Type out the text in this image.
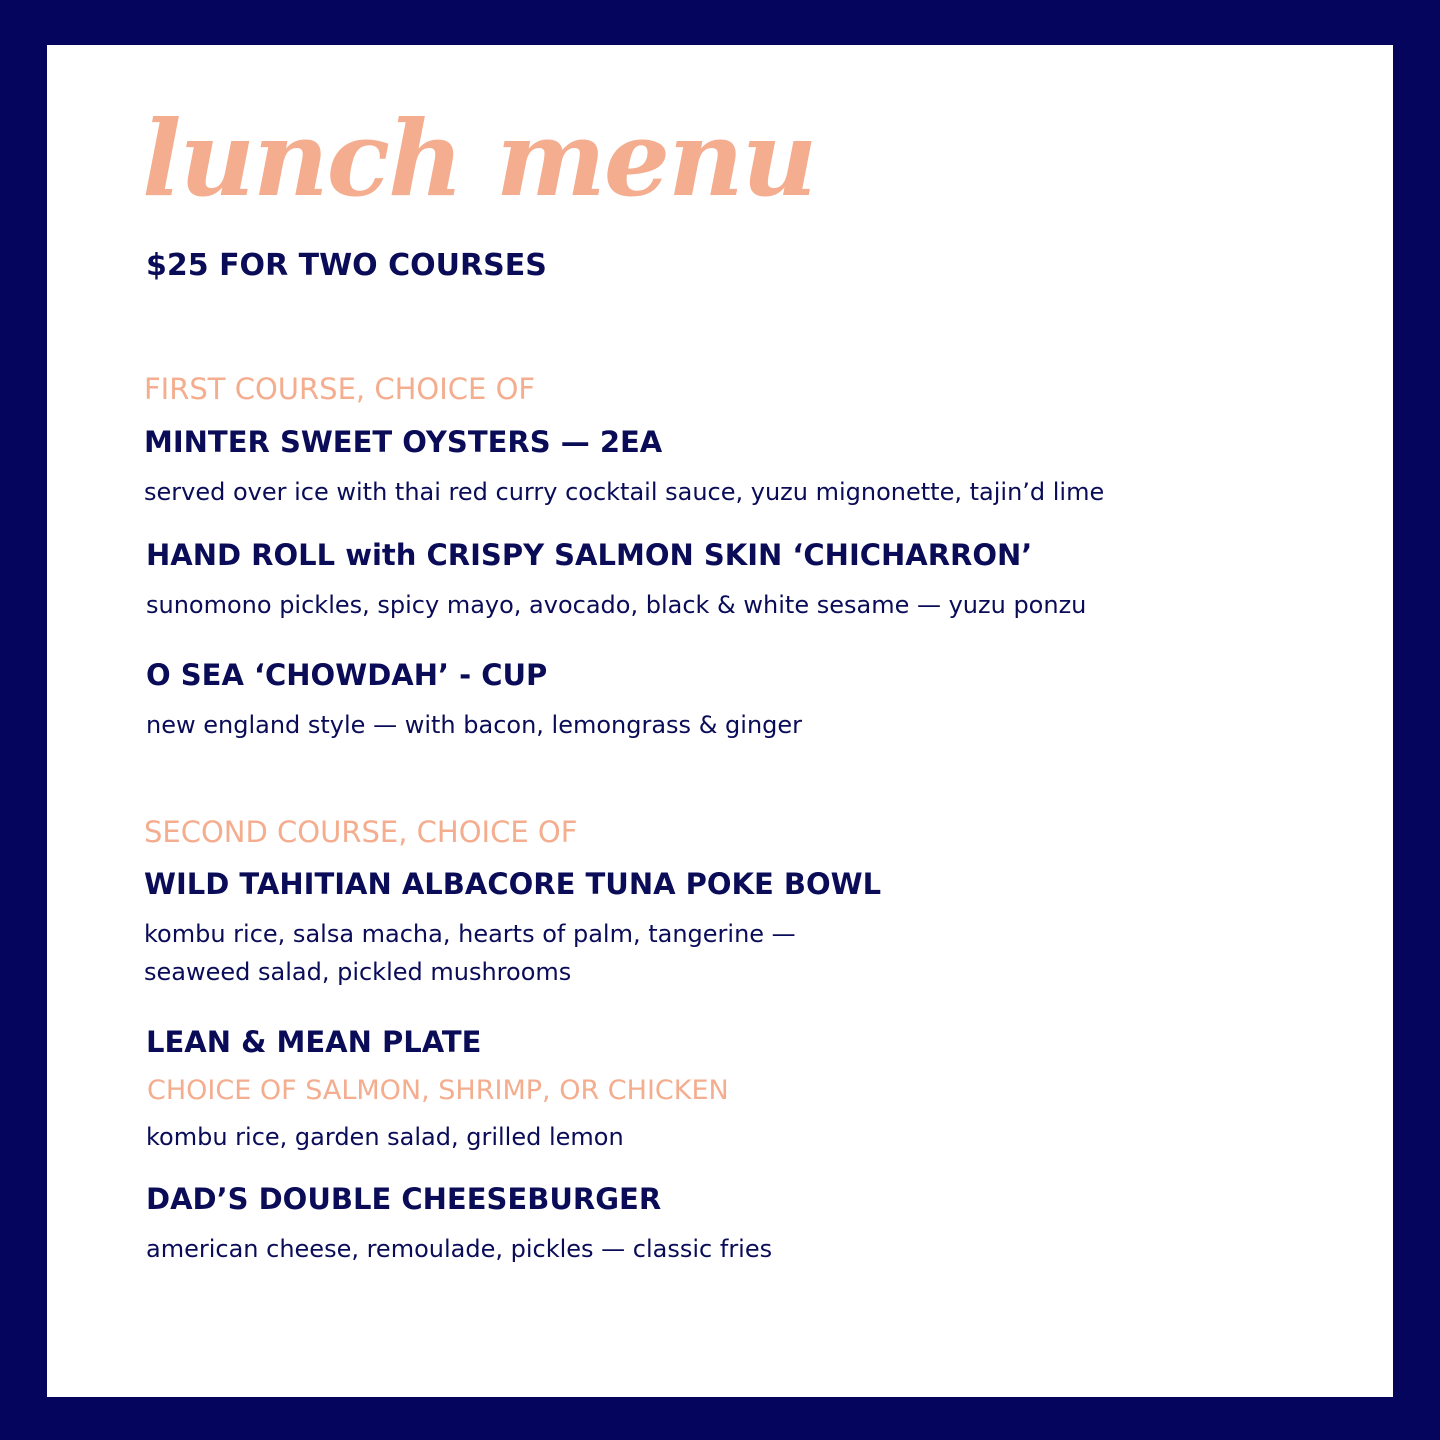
lunch menu
$25 FOR TWO COURSES
FIRST COURSE, CHOICE OF
MINTER SWEET OYSTERS — 2EA
served over ice with thai red curry cocktail sauce, yuzu mignonette, tajin’d lime
HAND ROLL with CRISPY SALMON SKIN ‘CHICHARRON’
sunomono pickles, spicy mayo, avocado, black & white sesame — yuzu ponzu
O SEA ‘CHOWDAH’ - CUP
new england style — with bacon, lemongrass & ginger
SECOND COURSE, CHOICE OF
WILD TAHITIAN ALBACORE TUNA POKE BOWL
kombu rice, salsa macha, hearts of palm, tangerine —
seaweed salad, pickled mushrooms
LEAN & MEAN PLATE
CHOICE OF SALMON, SHRIMP, OR CHICKEN
kombu rice, garden salad, grilled lemon
DAD’S DOUBLE CHEESEBURGER
american cheese, remoulade, pickles — classic fries
